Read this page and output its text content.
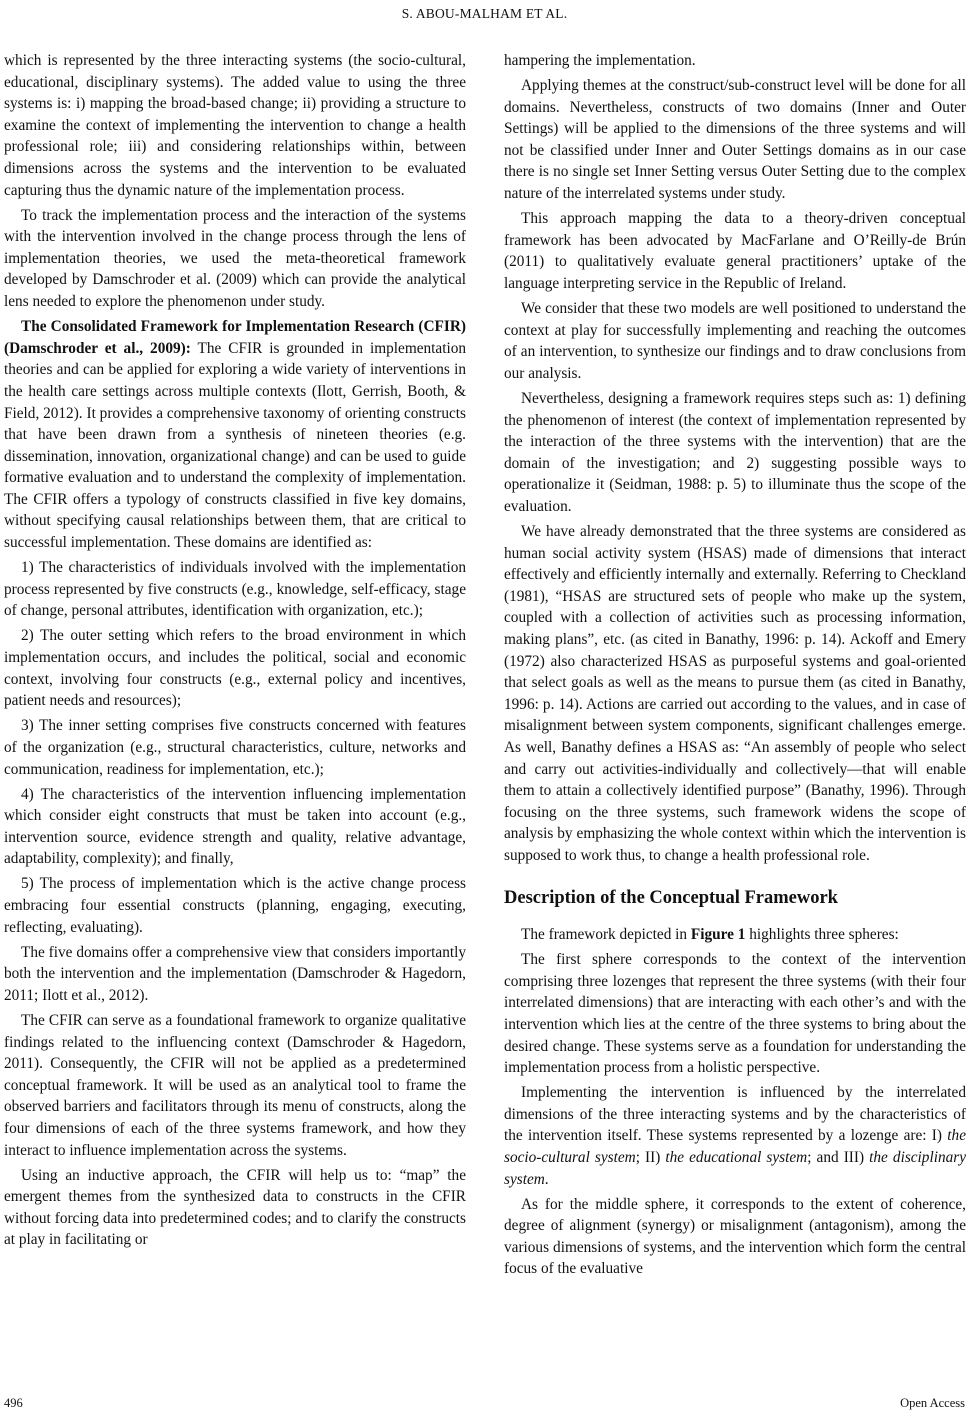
S. ABOU-MALHAM ET AL.

which is represented by the three interacting systems (the socio-cultural, educational, disciplinary systems). The added value to using the three systems is: i) mapping the broad-based change; ii) providing a structure to examine the context of implementing the intervention to change a health professional role; iii) and considering relationships within, between dimensions across the systems and the intervention to be evaluated capturing thus the dynamic nature of the implementation process.

To track the implementation process and the interaction of the systems with the intervention involved in the change process through the lens of implementation theories, we used the meta-theoretical framework developed by Damschroder et al. (2009) which can provide the analytical lens needed to explore the phenomenon under study.

The Consolidated Framework for Implementation Research (CFIR) (Damschroder et al., 2009): The CFIR is grounded in implementation theories and can be applied for exploring a wide variety of interventions in the health care settings across multiple contexts (Ilott, Gerrish, Booth, & Field, 2012). It provides a comprehensive taxonomy of orienting constructs that have been drawn from a synthesis of nineteen theories (e.g. dissemination, innovation, organizational change) and can be used to guide formative evaluation and to understand the complexity of implementation. The CFIR offers a typology of constructs classified in five key domains, without specifying causal relationships between them, that are critical to successful implementation. These domains are identified as:

1) The characteristics of individuals involved with the implementation process represented by five constructs (e.g., knowledge, self-efficacy, stage of change, personal attributes, identification with organization, etc.);

2) The outer setting which refers to the broad environment in which implementation occurs, and includes the political, social and economic context, involving four constructs (e.g., external policy and incentives, patient needs and resources);

3) The inner setting comprises five constructs concerned with features of the organization (e.g., structural characteristics, culture, networks and communication, readiness for implementation, etc.);

4) The characteristics of the intervention influencing implementation which consider eight constructs that must be taken into account (e.g., intervention source, evidence strength and quality, relative advantage, adaptability, complexity); and finally,

5) The process of implementation which is the active change process embracing four essential constructs (planning, engaging, executing, reflecting, evaluating).

The five domains offer a comprehensive view that considers importantly both the intervention and the implementation (Damschroder & Hagedorn, 2011; Ilott et al., 2012).

The CFIR can serve as a foundational framework to organize qualitative findings related to the influencing context (Damschroder & Hagedorn, 2011). Consequently, the CFIR will not be applied as a predetermined conceptual framework. It will be used as an analytical tool to frame the observed barriers and facilitators through its menu of constructs, along the four dimensions of each of the three systems framework, and how they interact to influence implementation across the systems.

Using an inductive approach, the CFIR will help us to: “map” the emergent themes from the synthesized data to constructs in the CFIR without forcing data into predetermined codes; and to clarify the constructs at play in facilitating or

hampering the implementation.

Applying themes at the construct/sub-construct level will be done for all domains. Nevertheless, constructs of two domains (Inner and Outer Settings) will be applied to the dimensions of the three systems and will not be classified under Inner and Outer Settings domains as in our case there is no single set Inner Setting versus Outer Setting due to the complex nature of the interrelated systems under study.

This approach mapping the data to a theory-driven conceptual framework has been advocated by MacFarlane and O’Reilly-de Brún (2011) to qualitatively evaluate general practitioners’ uptake of the language interpreting service in the Republic of Ireland.

We consider that these two models are well positioned to understand the context at play for successfully implementing and reaching the outcomes of an intervention, to synthesize our findings and to draw conclusions from our analysis.

Nevertheless, designing a framework requires steps such as: 1) defining the phenomenon of interest (the context of implementation represented by the interaction of the three systems with the intervention) that are the domain of the investigation; and 2) suggesting possible ways to operationalize it (Seidman, 1988: p. 5) to illuminate thus the scope of the evaluation.

We have already demonstrated that the three systems are considered as human social activity system (HSAS) made of dimensions that interact effectively and efficiently internally and externally. Referring to Checkland (1981), “HSAS are structured sets of people who make up the system, coupled with a collection of activities such as processing information, making plans”, etc. (as cited in Banathy, 1996: p. 14). Ackoff and Emery (1972) also characterized HSAS as purposeful systems and goal-oriented that select goals as well as the means to pursue them (as cited in Banathy, 1996: p. 14). Actions are carried out according to the values, and in case of misalignment between system components, significant challenges emerge. As well, Banathy defines a HSAS as: “An assembly of people who select and carry out activities-individually and collectively—that will enable them to attain a collectively identified purpose” (Banathy, 1996). Through focusing on the three systems, such framework widens the scope of analysis by emphasizing the whole context within which the intervention is supposed to work thus, to change a health professional role.

Description of the Conceptual Framework

The framework depicted in Figure 1 highlights three spheres:

The first sphere corresponds to the context of the intervention comprising three lozenges that represent the three systems (with their four interrelated dimensions) that are interacting with each other’s and with the intervention which lies at the centre of the three systems to bring about the desired change. These systems serve as a foundation for understanding the implementation process from a holistic perspective.

Implementing the intervention is influenced by the interrelated dimensions of the three interacting systems and by the characteristics of the intervention itself. These systems represented by a lozenge are: I) the socio-cultural system; II) the educational system; and III) the disciplinary system.

As for the middle sphere, it corresponds to the extent of coherence, degree of alignment (synergy) or misalignment (antagonism), among the various dimensions of systems, and the intervention which form the central focus of the evaluative

496	Open Access
